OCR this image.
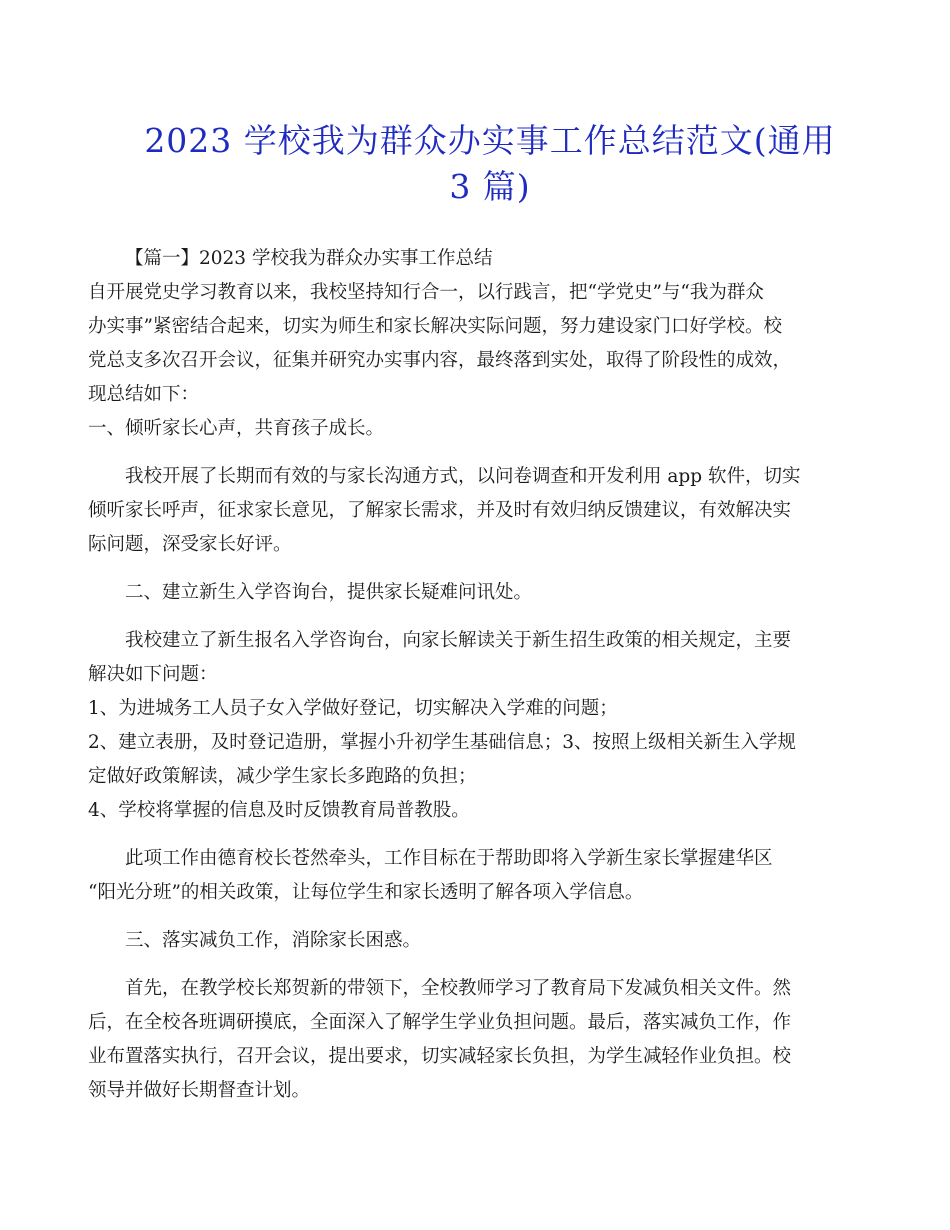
2023 学校我为群众办实事工作总结范文(通用
3 篇)
【篇一】2023 学校我为群众办实事工作总结
自开展党史学习教育以来，我校坚持知行合一，以行践言，把“学党史”与“我为群众
办实事”紧密结合起来，切实为师生和家长解决实际问题，努力建设家门口好学校。校
党总支多次召开会议，征集并研究办实事内容，最终落到实处，取得了阶段性的成效，
现总结如下：
一、倾听家长心声，共育孩子成长。
我校开展了长期而有效的与家长沟通方式，以问卷调查和开发利用 app 软件，切实
倾听家长呼声，征求家长意见，了解家长需求，并及时有效归纳反馈建议，有效解决实
际问题，深受家长好评。
二、建立新生入学咨询台，提供家长疑难问讯处。
我校建立了新生报名入学咨询台，向家长解读关于新生招生政策的相关规定，主要
解决如下问题：
1、为进城务工人员子女入学做好登记，切实解决入学难的问题；
2、建立表册，及时登记造册，掌握小升初学生基础信息；3、按照上级相关新生入学规
定做好政策解读，减少学生家长多跑路的负担；
4、学校将掌握的信息及时反馈教育局普教股。
此项工作由德育校长苍然牵头，工作目标在于帮助即将入学新生家长掌握建华区
“阳光分班”的相关政策，让每位学生和家长透明了解各项入学信息。
三、落实减负工作，消除家长困惑。
首先，在教学校长郑贺新的带领下，全校教师学习了教育局下发减负相关文件。然
后，在全校各班调研摸底，全面深入了解学生学业负担问题。最后，落实减负工作，作
业布置落实执行，召开会议，提出要求，切实减轻家长负担，为学生减轻作业负担。校
领导并做好长期督查计划。
